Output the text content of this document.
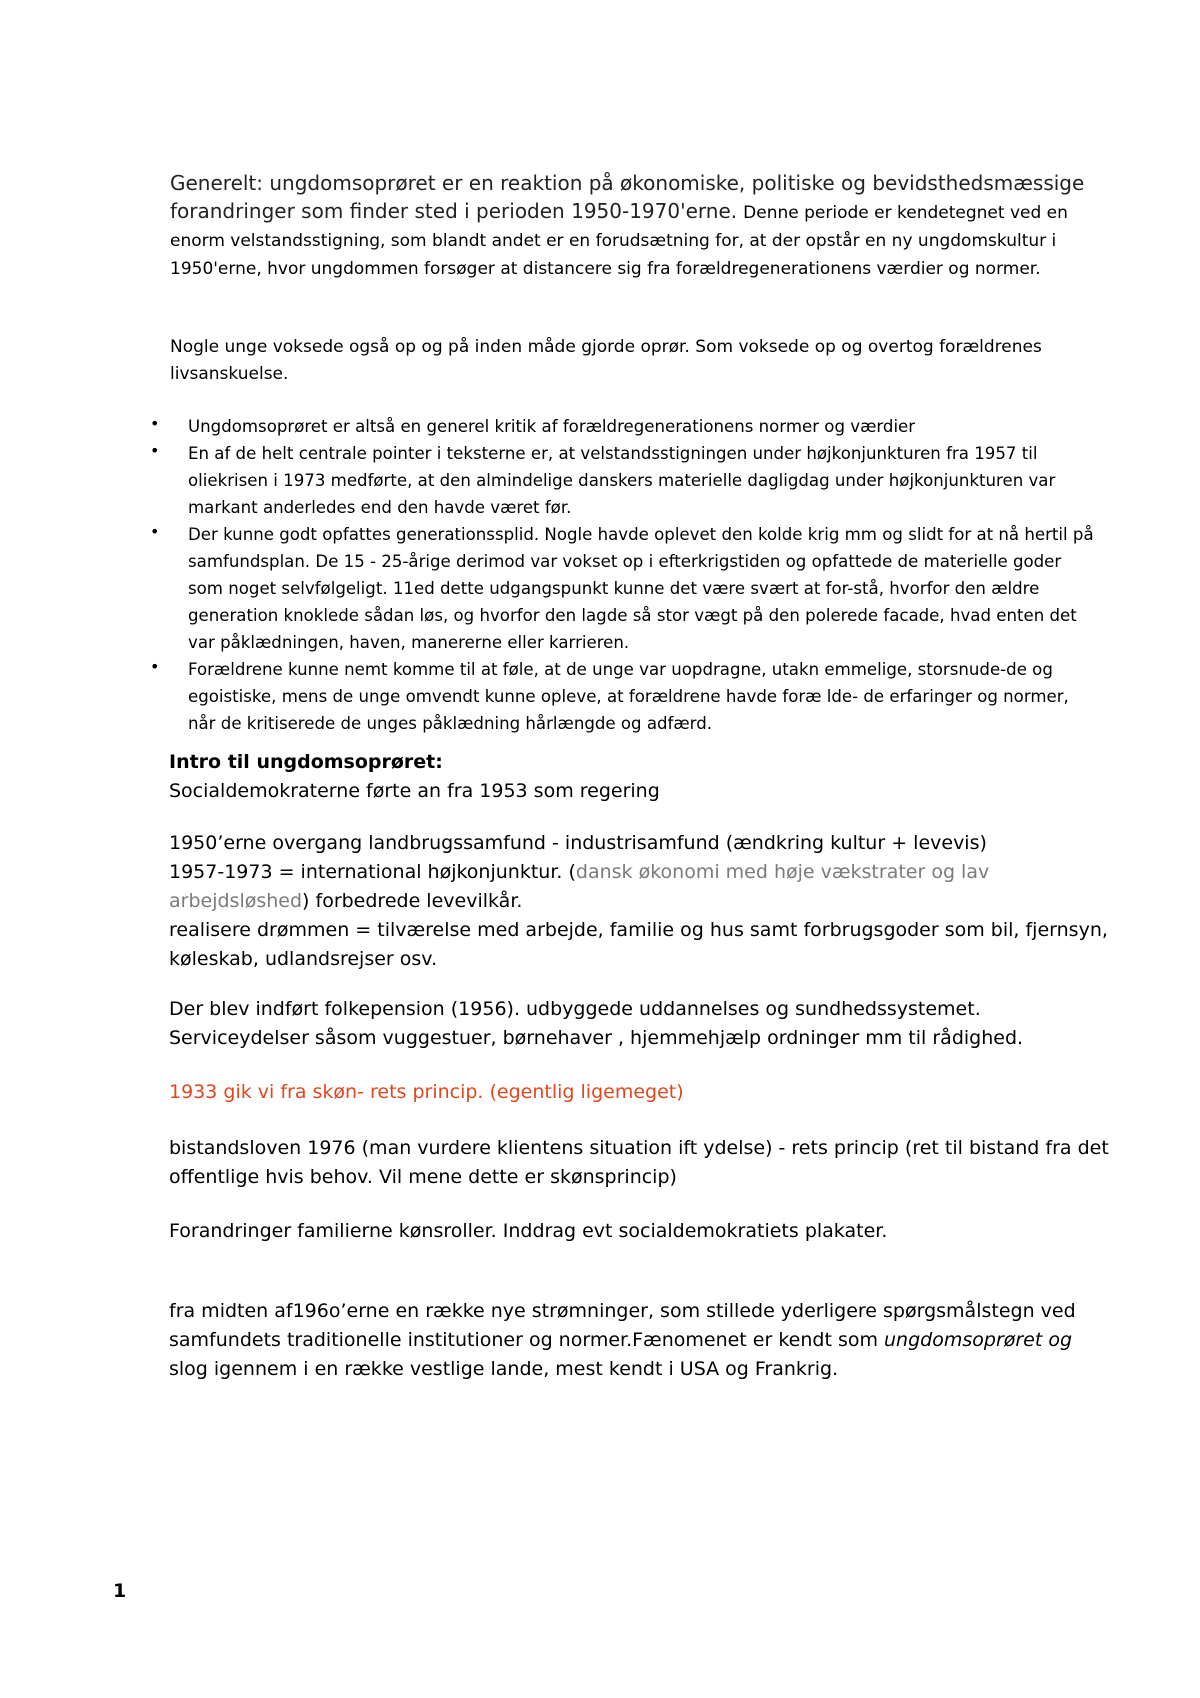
Generelt: ungdomsoprøret er en reaktion på økonomiske, politiske og bevidsthedsmæssige forandringer som finder sted i perioden 1950-1970'erne. Denne periode er kendetegnet ved en enorm velstandsstigning, som blandt andet er en forudsætning for, at der opstår en ny ungdomskultur i 1950'erne, hvor ungdommen forsøger at distancere sig fra forældregenerationens værdier og normer.
Nogle unge voksede også op og på inden måde gjorde oprør. Som voksede op og overtog forældrenes livsanskuelse.
• Ungdomsoprøret er altså en generel kritik af forældregenerationens normer og værdier
• En af de helt centrale pointer i teksterne er, at velstandsstigningen under højkonjunkturen fra 1957 til oliekrisen i 1973 medførte, at den almindelige danskers materielle dagligdag under højkonjunkturen var markant anderledes end den havde været før.
• Der kunne godt opfattes generationssplid. Nogle havde oplevet den kolde krig mm og slidt for at nå hertil på samfundsplan. De 15 - 25-årige derimod var vokset op i efterkrigstiden og opfattede de materielle goder som noget selvfølgeligt. 11ed dette udgangspunkt kunne det være svært at for-stå, hvorfor den ældre generation knoklede sådan løs, og hvorfor den lagde så stor vægt på den polerede facade, hvad enten det var påklædningen, haven, manererne eller karrieren.
• Forældrene kunne nemt komme til at føle, at de unge var uopdragne, utakn emmelige, storsnude-de og egoistiske, mens de unge omvendt kunne opleve, at forældrene havde foræ lde- de erfaringer og normer, når de kritiserede de unges påklædning hårlængde og adfærd.
Intro til ungdomsoprøret:
Socialdemokraterne førte an fra 1953 som regering
1950’erne overgang landbrugssamfund - industrisamfund (ændkring kultur + levevis)
1957-1973 = international højkonjunktur. (dansk økonomi med høje vækstrater og lav arbejdsløshed) forbedrede levevilkår.
realisere drømmen = tilværelse med arbejde, familie og hus samt forbrugsgoder som bil, fjernsyn, køleskab, udlandsrejser osv.
Der blev indført folkepension (1956). udbyggede uddannelses og sundhedssystemet. Serviceydelser såsom vuggestuer, børnehaver , hjemmehjælp ordninger mm til rådighed.
1933 gik vi fra skøn- rets princip. (egentlig ligemeget)
bistandsloven 1976 (man vurdere klientens situation ift ydelse) - rets princip (ret til bistand fra det offentlige hvis behov. Vil mene dette er skønsprincip)
Forandringer familierne kønsroller. Inddrag evt socialdemokratiets plakater.
fra midten af196o’erne en række nye strømninger, som stillede yderligere spørgsmålstegn ved samfundets traditionelle institutioner og normer.Fænomenet er kendt som ungdomsoprøret og slog igennem i en række vestlige lande, mest kendt i USA og Frankrig.
1
